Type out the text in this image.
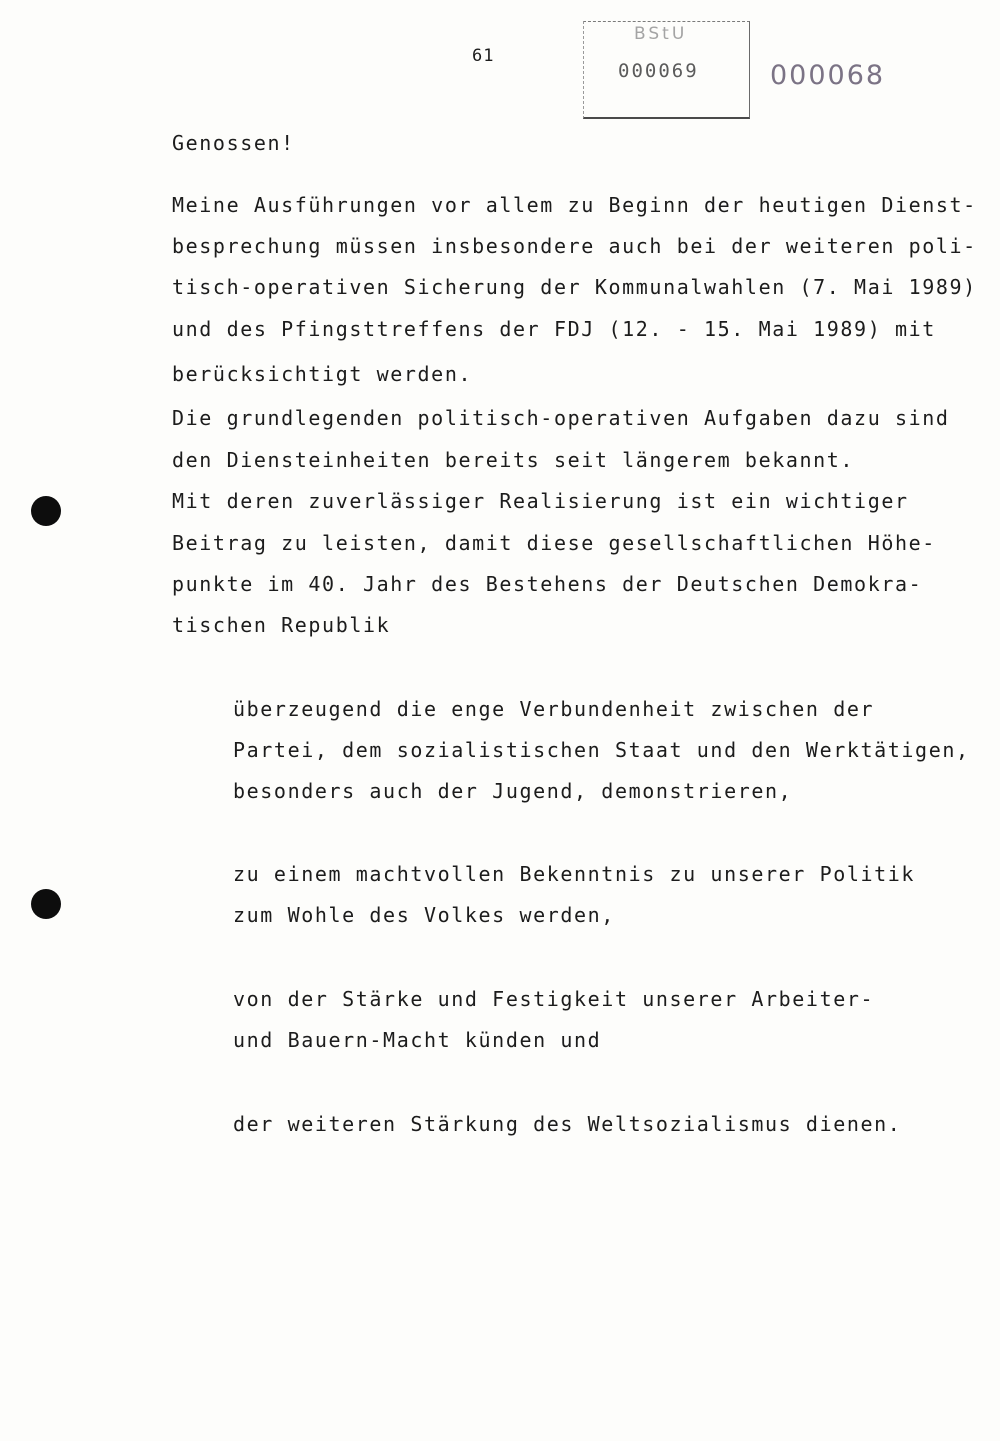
61
BStU
000069	000068
Genossen!
Meine Ausführungen vor allem zu Beginn der heutigen Dienst-
besprechung müssen insbesondere auch bei der weiteren poli-
tisch-operativen Sicherung der Kommunalwahlen (7. Mai 1989)
und des Pfingsttreffens der FDJ (12. - 15. Mai 1989) mit
berücksichtigt werden.
Die grundlegenden politisch-operativen Aufgaben dazu sind
den Diensteinheiten bereits seit längerem bekannt.
Mit deren zuverlässiger Realisierung ist ein wichtiger
Beitrag zu leisten, damit diese gesellschaftlichen Höhe-
punkte im 40. Jahr des Bestehens der Deutschen Demokra-
tischen Republik
überzeugend die enge Verbundenheit zwischen der
Partei, dem sozialistischen Staat und den Werktätigen,
besonders auch der Jugend, demonstrieren,
zu einem machtvollen Bekenntnis zu unserer Politik
zum Wohle des Volkes werden,
von der Stärke und Festigkeit unserer Arbeiter-
und Bauern-Macht künden und
der weiteren Stärkung des Weltsozialismus dienen.
